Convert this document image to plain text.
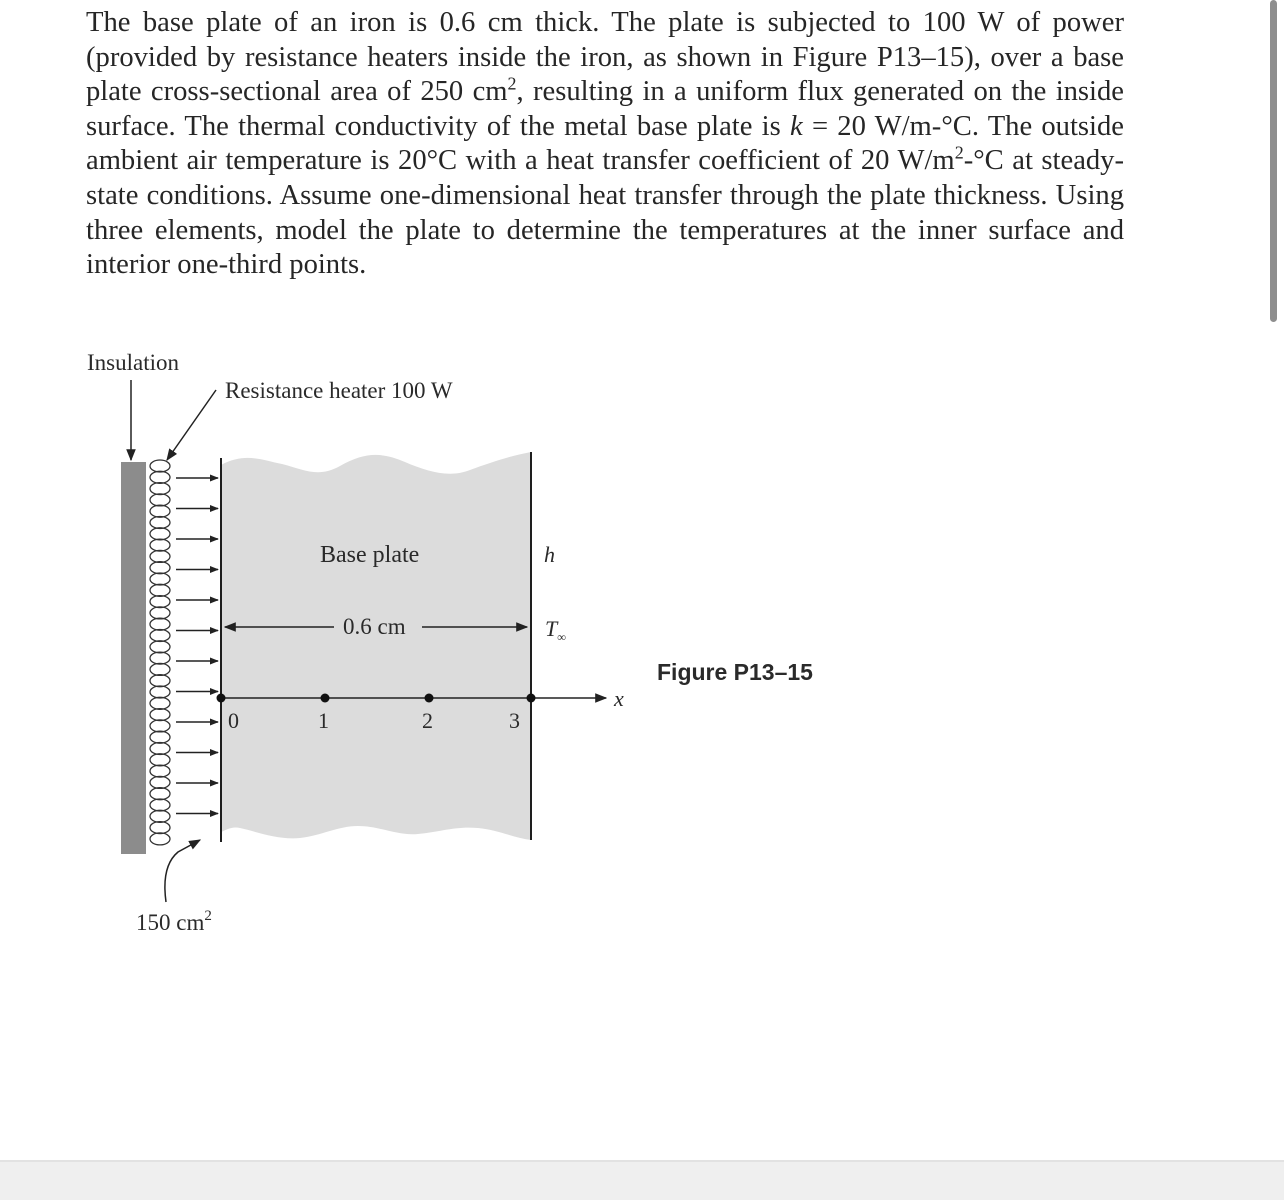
The base plate of an iron is 0.6 cm thick. The plate is subjected to 100 W of power (provided by resistance heaters inside the iron, as shown in Figure P13–15), over a base plate cross-sectional area of 250 $cm^2$, resulting in a uniform flux generated on the inside surface. The thermal conductivity of the metal base plate is k = 20 W/m-°C. The outside ambient air temperature is 20°C with a heat transfer coefficient of 20 $W/m^2-^\circ C$ at steady-state conditions. Assume one-dimensional heat transfer through the plate thickness. Using three elements, model the plate to determine the temperatures at the inner surface and interior one-third points.

Insulation
Resistance heater 100 W
Base plate
0.6 cm
h
$T_\infty$
x
0	1	2	3
150 $cm^2$
Figure P13–15
